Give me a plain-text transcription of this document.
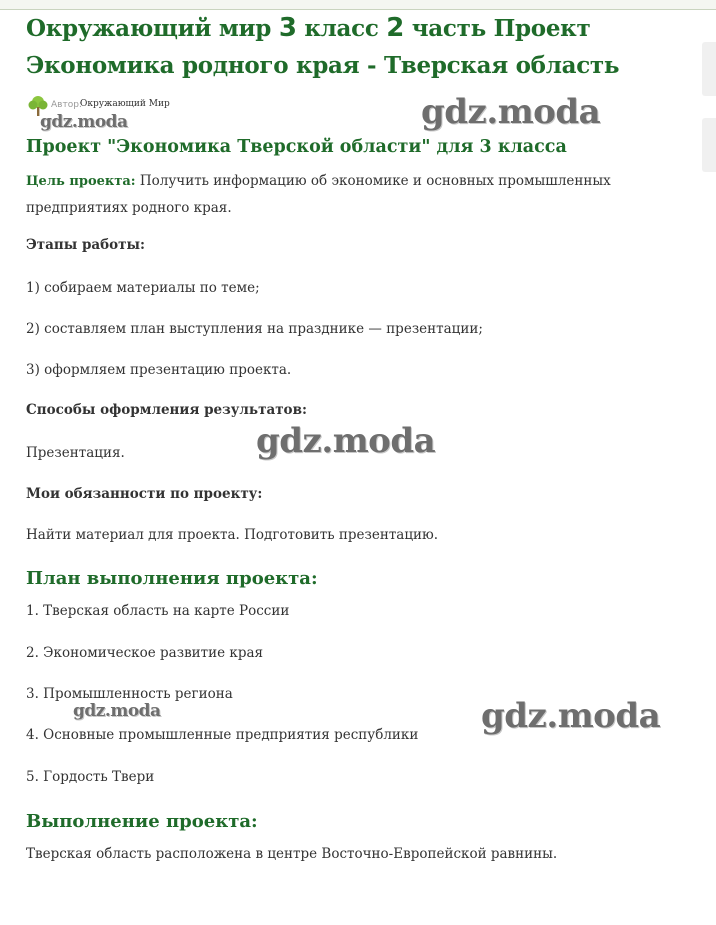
Окружающий мир 3 класс 2 часть Проект
Экономика родного края - Тверская область
Автор:
Окружающий Мир
gdz.moda	gdz.moda
Проект "Экономика Тверской области" для 3 класса

Цель проекта: Получить информацию об экономике и основных промышленных предприятиях родного края.

Этапы работы:

1) собираем материалы по теме;

2) составляем план выступления на празднике — презентации;

3) оформляем презентацию проекта.

Способы оформления результатов:

gdz.moda

Презентация.

Мои обязанности по проекту:

Найти материал для проекта. Подготовить презентацию.

План выполнения проекта:

1. Тверская область на карте России

2. Экономическое развитие края

3. Промышленность региона

gdz.moda	gdz.moda

4. Основные промышленные предприятия республики

5. Гордость Твери

Выполнение проекта:

Тверская область расположена в центре Восточно-Европейской равнины.
